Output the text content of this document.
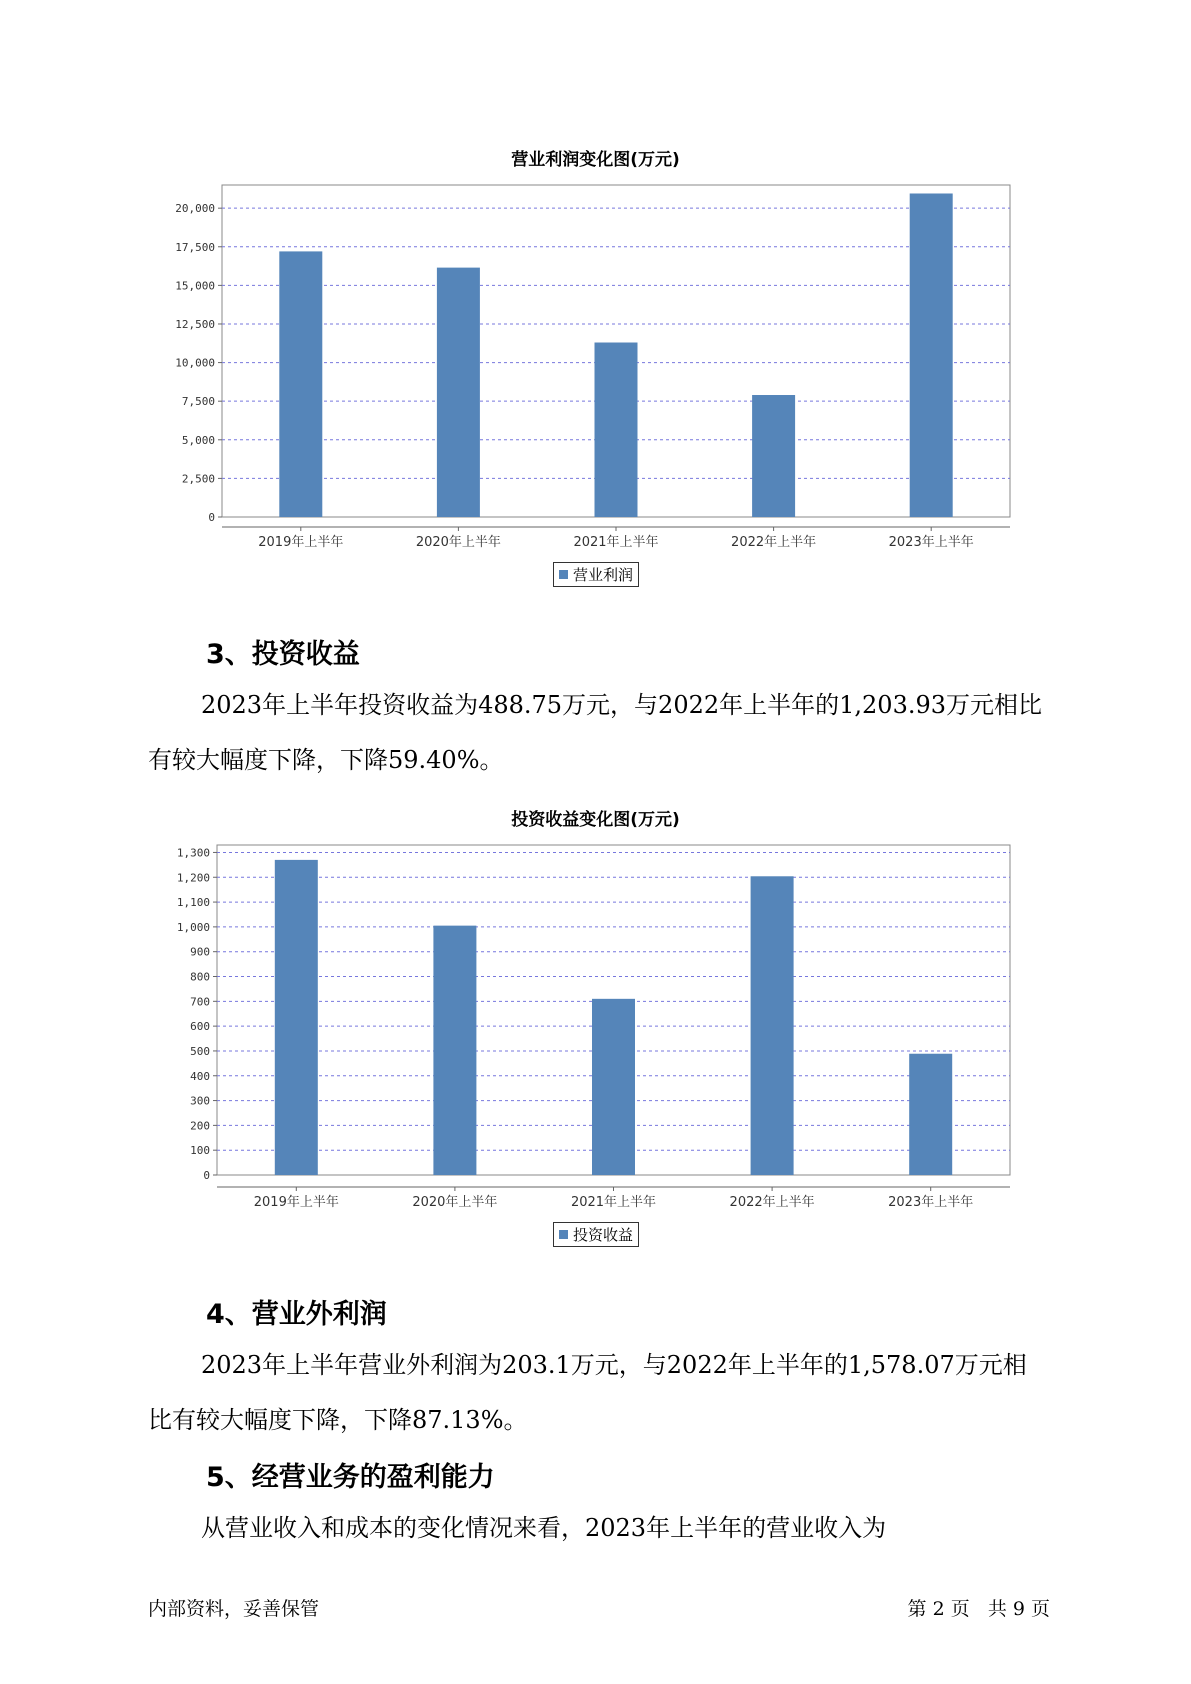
营业利润变化图(万元)
0
2,500
5,000
7,500
10,000
12,500
15,000
17,500
20,000
2019年上半年	2020年上半年	2021年上半年	2022年上半年	2023年上半年
营业利润
3、投资收益

2023年上半年投资收益为488.75万元，与2022年上半年的1,203.93万元相比有较大幅度下降，下降59.40%。

投资收益变化图(万元)
0
100
200
300
400
500
600
700
800
900
1,000
1,100
1,200
1,300
2019年上半年	2020年上半年	2021年上半年	2022年上半年	2023年上半年
投资收益
4、营业外利润

2023年上半年营业外利润为203.1万元，与2022年上半年的1,578.07万元相比有较大幅度下降，下降87.13%。

5、经营业务的盈利能力

从营业收入和成本的变化情况来看，2023年上半年的营业收入为

内部资料，妥善保管	第 2 页   共 9 页
